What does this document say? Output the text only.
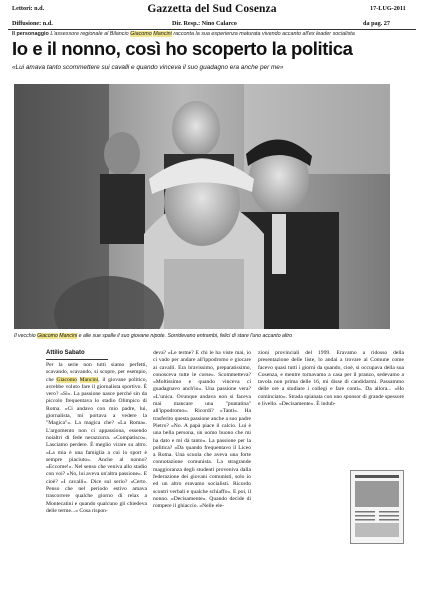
Lettori: n.d.
Diffusione: n.d.
Gazzetta del Sud Cosenza
Dir. Resp.: Nino Calarco
17-LUG-2011
da pag. 27
Il personaggio L'assessore regionale al Bilancio Giacomo Mancini racconta la sua esperienza maturata vivendo accanto all'ex leader socialista
Io e il nonno, così ho scoperto la politica
«Lui amava tanto scommettere sui cavalli e quando vinceva il suo guadagno era anche per me»
Il vecchio Giacomo Mancini e alle sue spalle il suo giovane nipote. Sorridevano entrambi, felici di stare l'uno accanto altro
Attilio Sabato

Per la serie non tutti siamo perfetti, scavando, scavando, si scopre, per esempio, che Giacomo Mancini, il giovane politico, avrebbe voluto fare il giornalista sportivo. È vero? «Sì». La passione nasce perché sin da piccolo frequentava lo stadio Olimpico di Roma. «Ci andavo con mio padre, lui, giornalista, mi portava a vedere la "Magica"». La magica che? «La Roma». L'argomento non ci appassiona, essendo noialtri di fede nerazzurra. «Compatisco». Lasciamo perdere. È meglio virare su altro. «La mia è una famiglia a cui lo sport è sempre piaciuto». Anche al nonno? «Eccome!». Nel senso che veniva allo stadio con voi? «No, lui aveva un'altra passione». E cioè? «I cavalli». Dice sul serio? «Certo. Penso che nel periodo estivo amava trascorrere qualche giorno di relax a Montecatini e quando qualcuno gli chiedeva delle terme...» Cosa rispon-

deva? «Le terme? E chi le ha viste mai, io ci vado per andare all'ippodromo e giocare ai cavalli. Era bravissimo, preparatissimo, conosceva tutte le corse». Scommetteva? «Moltissimo e quando vinceva ci guadagnavo anch'io». Una passione vera? «L'unica. Ovunque andava non si faceva mai mancare una "puntatina" all'ippodromo». Ricordi? «Tanti». Ha trasferito questa passione anche a suo padre Pietro? «No. A papà piace il calcio. Lui è una bella persona, un uomo buono che mi ha dato e mi dà tanto». La passione per la politica? «Da quando frequentavo il Liceo a Roma. Una scuola che aveva una forte connotazione comunista. La stragrande maggioranza degli studenti proveniva dalla federazione dei giovani comunisti, solo io ed un altro eravamo socialisti. Ricordo scontri verbali e qualche schiaffo». E poi, il nonno. «Decisamente». Quando decide di rompere il ghiaccio. «Nelle ele-

zioni provinciali del 1999. Eravamo a ridosso della presentazione delle liste, lo andai a trovare al Comune come facevo quasi tutti i giorni da quando, cioè, si occupava della sua Cosenza, e mentre tornavamo a casa per il pranzo, sedevamo a tavola non prima delle 16, mi disse di candidarmi. Passammo delle ore a studiare i collegi e fare conti». Da allora... «Ho cominciato». Strada spianata con uno sponsor di grande spessore e livello. «Decisamente». È indub-
